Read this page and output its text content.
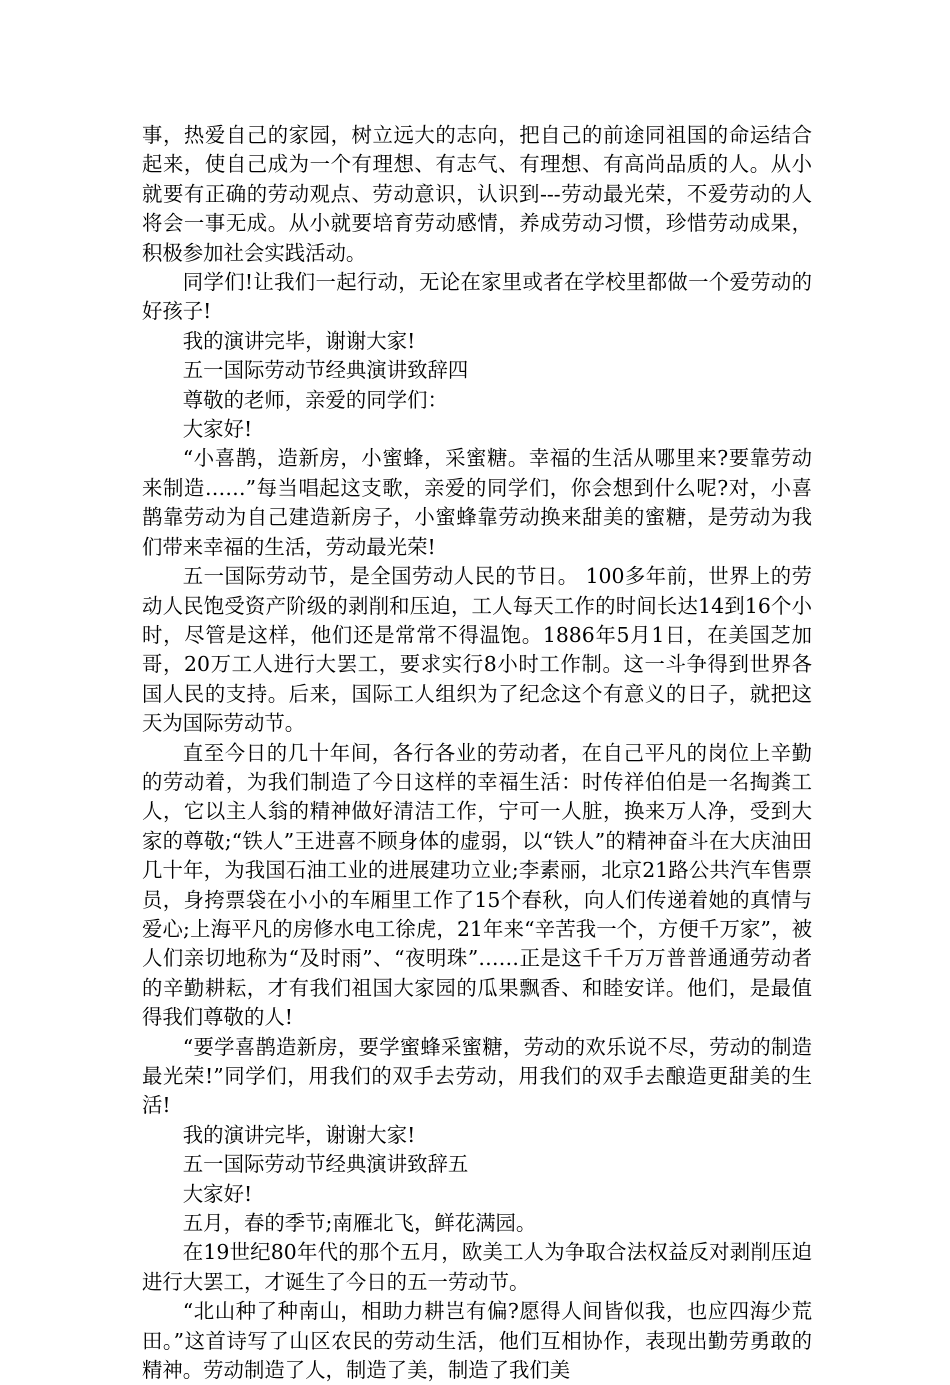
事，热爱自己的家园，树立远大的志向，把自己的前途同祖国的命运结合起来，使自己成为一个有理想、有志气、有理想、有高尚品质的人。从小就要有正确的劳动观点、劳动意识，认识到---劳动最光荣，不爱劳动的人将会一事无成。从小就要培育劳动感情，养成劳动习惯，珍惜劳动成果，积极参加社会实践活动。

同学们!让我们一起行动，无论在家里或者在学校里都做一个爱劳动的好孩子!

我的演讲完毕，谢谢大家!

五一国际劳动节经典演讲致辞四

尊敬的老师，亲爱的同学们：

大家好!

“小喜鹊，造新房，小蜜蜂，采蜜糖。幸福的生活从哪里来?要靠劳动来制造……”每当唱起这支歌，亲爱的同学们，你会想到什么呢?对，小喜鹊靠劳动为自己建造新房子，小蜜蜂靠劳动换来甜美的蜜糖，是劳动为我们带来幸福的生活，劳动最光荣!

五一国际劳动节，是全国劳动人民的节日。 100多年前，世界上的劳动人民饱受资产阶级的剥削和压迫，工人每天工作的时间长达14到16个小时，尽管是这样，他们还是常常不得温饱。1886年5月1日，在美国芝加哥，20万工人进行大罢工，要求实行8小时工作制。这一斗争得到世界各国人民的支持。后来，国际工人组织为了纪念这个有意义的日子，就把这天为国际劳动节。

直至今日的几十年间，各行各业的劳动者，在自己平凡的岗位上辛勤的劳动着，为我们制造了今日这样的幸福生活：时传祥伯伯是一名掏粪工人，它以主人翁的精神做好清洁工作，宁可一人脏，换来万人净，受到大家的尊敬;“铁人”王进喜不顾身体的虚弱，以“铁人”的精神奋斗在大庆油田几十年，为我国石油工业的进展建功立业;李素丽，北京21路公共汽车售票员，身挎票袋在小小的车厢里工作了15个春秋，向人们传递着她的真情与爱心;上海平凡的房修水电工徐虎，21年来“辛苦我一个，方便千万家”，被人们亲切地称为“及时雨”、“夜明珠”……正是这千千万万普普通通劳动者的辛勤耕耘，才有我们祖国大家园的瓜果飘香、和睦安详。他们，是最值得我们尊敬的人!

“要学喜鹊造新房，要学蜜蜂采蜜糖，劳动的欢乐说不尽，劳动的制造最光荣!”同学们，用我们的双手去劳动，用我们的双手去酿造更甜美的生活!

我的演讲完毕，谢谢大家!

五一国际劳动节经典演讲致辞五

大家好!

五月，春的季节;南雁北飞，鲜花满园。

在19世纪80年代的那个五月，欧美工人为争取合法权益反对剥削压迫进行大罢工，才诞生了今日的五一劳动节。

“北山种了种南山，相助力耕岂有偏?愿得人间皆似我，也应四海少荒田。”这首诗写了山区农民的劳动生活，他们互相协作，表现出勤劳勇敢的精神。劳动制造了人，制造了美，制造了我们美
